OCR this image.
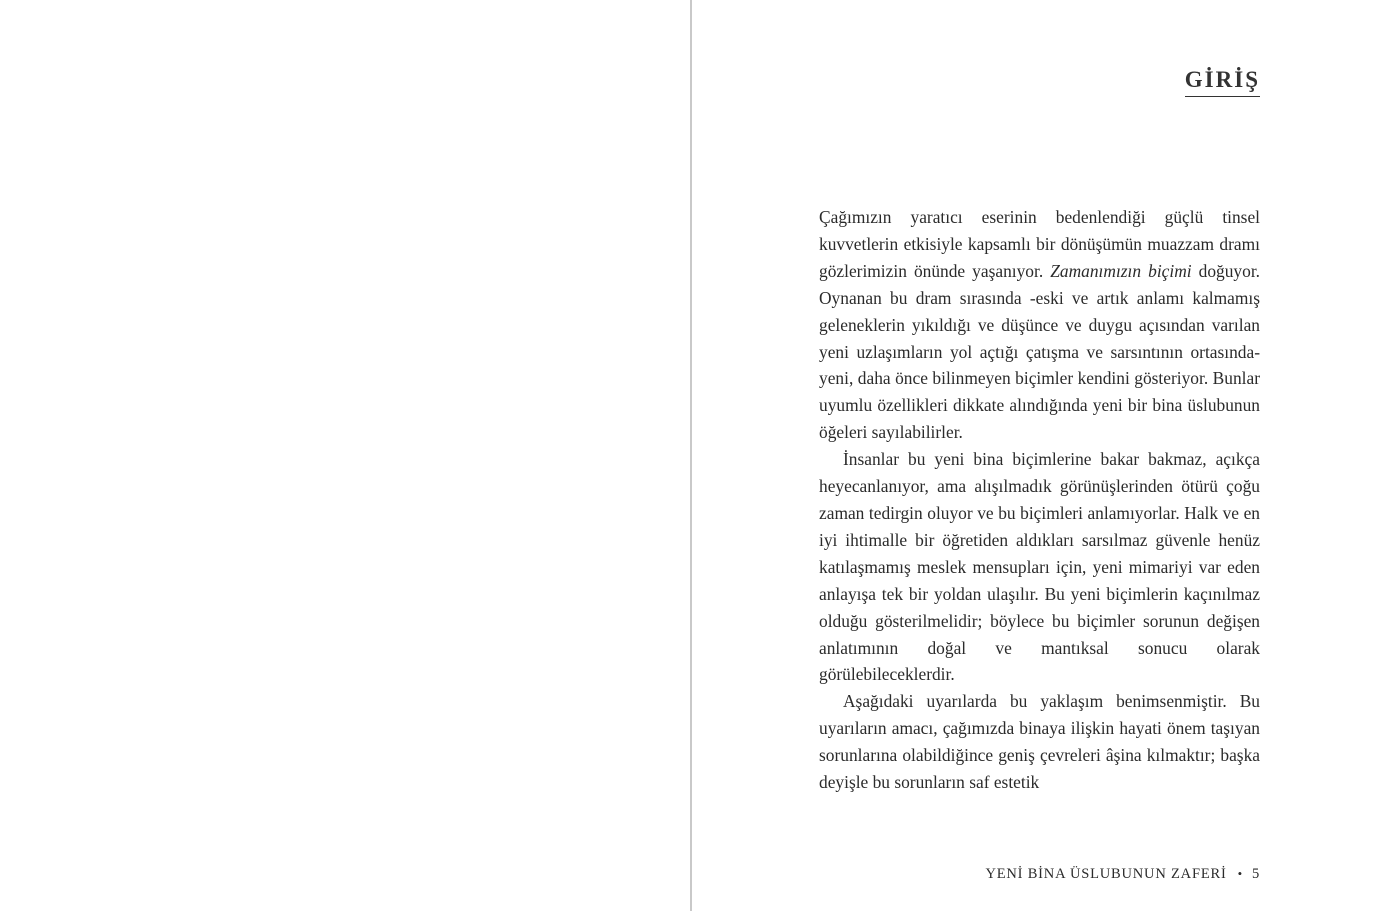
GİRİŞ

Çağımızın yaratıcı eserinin bedenlendiği güçlü tinsel kuvvetlerin etkisiyle kapsamlı bir dönüşümün muazzam dramı gözlerimizin önünde yaşanıyor. Zamanımızın biçimi doğuyor. Oynanan bu dram sırasında -eski ve artık anlamı kalmamış geleneklerin yıkıldığı ve düşünce ve duygu açısından varılan yeni uzlaşımların yol açtığı çatışma ve sarsıntının ortasında- yeni, daha önce bilinmeyen biçimler kendini gösteriyor. Bunlar uyumlu özellikleri dikkate alındığında yeni bir bina üslubunun öğeleri sayılabilirler.

İnsanlar bu yeni bina biçimlerine bakar bakmaz, açıkça heyecanlanıyor, ama alışılmadık görünüşlerinden ötürü çoğu zaman tedirgin oluyor ve bu biçimleri anlamıyorlar. Halk ve en iyi ihtimalle bir öğretiden aldıkları sarsılmaz güvenle henüz katılaşmamış meslek mensupları için, yeni mimariyi var eden anlayışa tek bir yoldan ulaşılır. Bu yeni biçimlerin kaçınılmaz olduğu gösterilmelidir; böylece bu biçimler sorunun değişen anlatımının doğal ve mantıksal sonucu olarak görülebileceklerdir.

Aşağıdaki uyarılarda bu yaklaşım benimsenmiştir. Bu uyarıların amacı, çağımızda binaya ilişkin hayati önem taşıyan sorunlarına olabildiğince geniş çevreleri âşina kılmaktır; başka deyişle bu sorunların saf estetik

YENİ BİNA ÜSLUBUNUN ZAFERİ • 5
